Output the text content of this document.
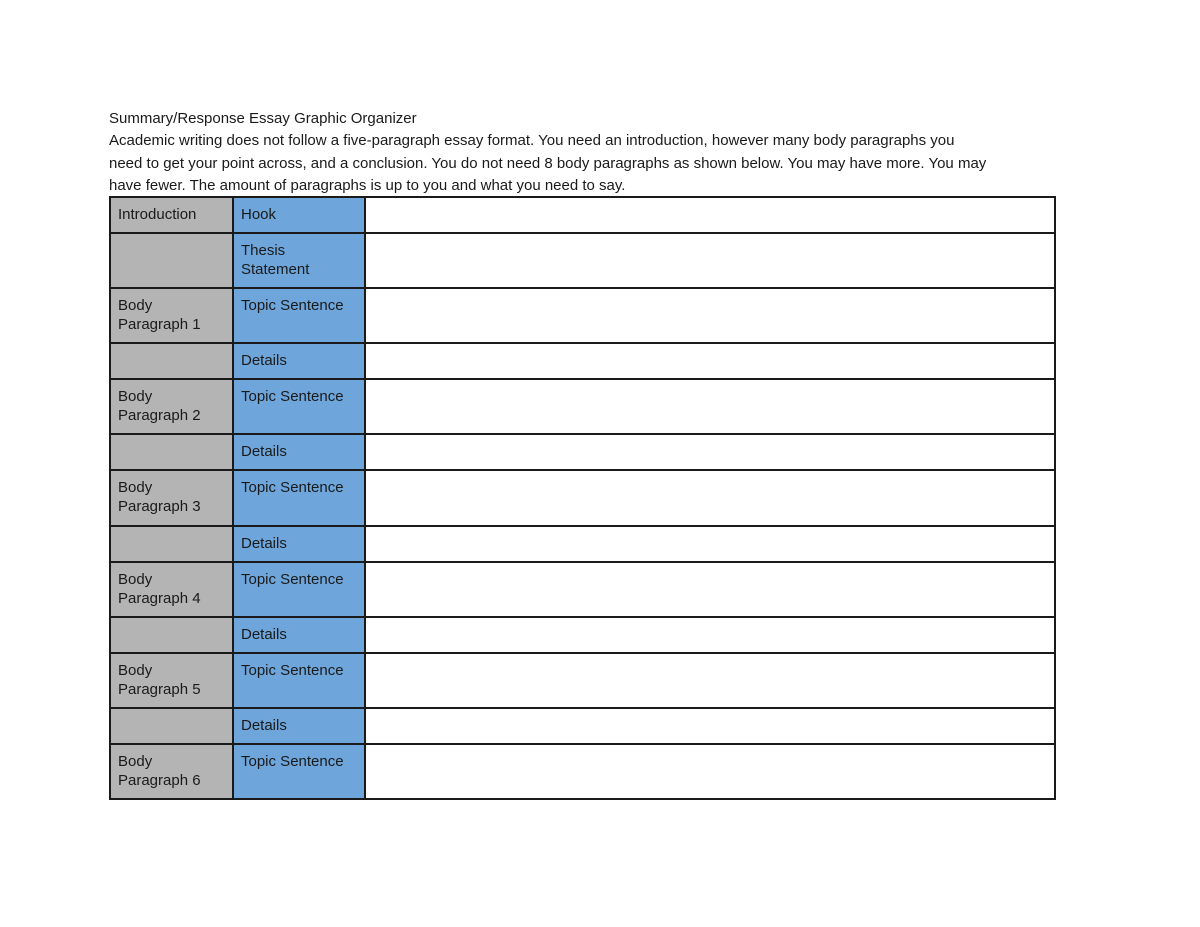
Summary/Response Essay Graphic Organizer

Academic writing does not follow a five-paragraph essay format. You need an introduction, however many body paragraphs you
need to get your point across, and a conclusion. You do not need 8 body paragraphs as shown below. You may have more. You may
have fewer. The amount of paragraphs is up to you and what you need to say.

Introduction	Hook	
	Thesis Statement	
Body Paragraph 1	Topic Sentence	
	Details	
Body Paragraph 2	Topic Sentence	
	Details	
Body Paragraph 3	Topic Sentence	
	Details	
Body Paragraph 4	Topic Sentence	
	Details	
Body Paragraph 5	Topic Sentence	
	Details	
Body Paragraph 6	Topic Sentence	
